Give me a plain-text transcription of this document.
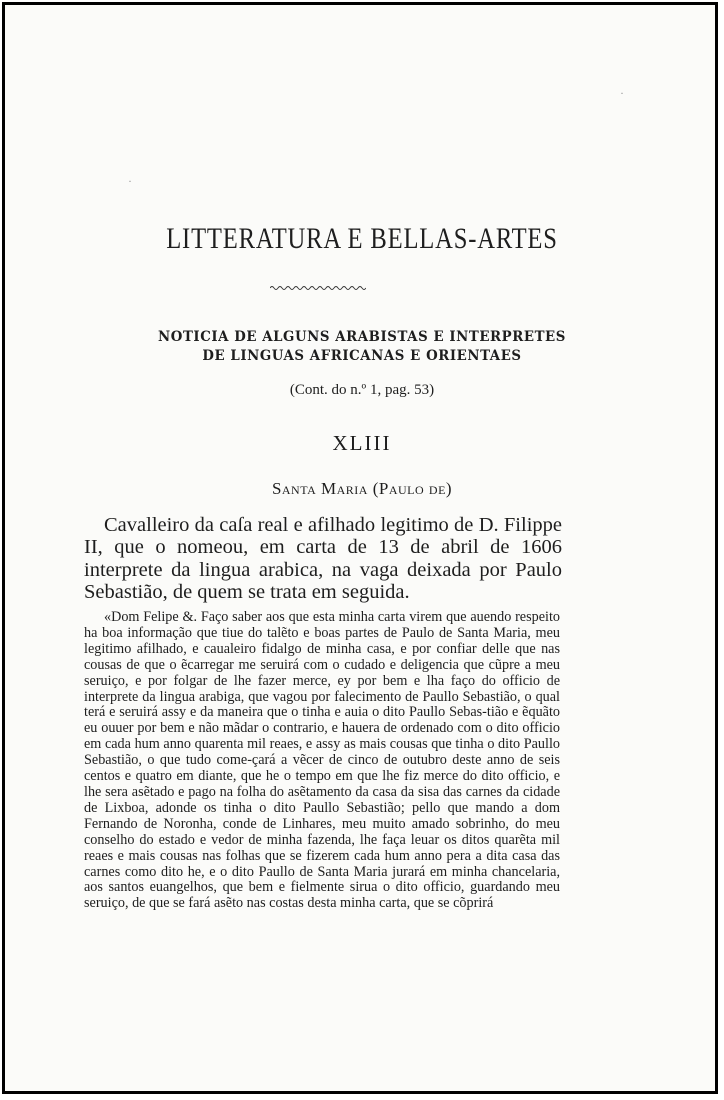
LITTERATURA E BELLAS-ARTES
NOTICIA DE ALGUNS ARABISTAS E INTERPRETES
DE LINGUAS AFRICANAS E ORIENTAES
(Cont. do n.º 1, pag. 53)
XLIII
Santa Maria (Paulo de)

Cavalleiro da caſa real e afilhado legitimo de D. Filippe II, que o nomeou, em carta de 13 de abril de 1606 interprete da lingua arabica, na vaga deixada por Paulo Sebastião, de quem se trata em seguida.

«Dom Felipe &. Faço saber aos que esta minha carta virem que auendo respeito ha boa informação que tiue do talẽto e boas partes de Paulo de Santa Maria, meu legitimo afilhado, e caualeiro fidalgo de minha casa, e por confiar delle que nas cousas de que o ẽcarregar me seruirá com o cudado e deligencia que cũpre a meu seruiço, e por folgar de lhe fazer merce, ey por bem e lha faço do officio de interprete da lingua arabiga, que vagou por falecimento de Paullo Sebastião, o qual terá e seruirá assy e da maneira que o tinha e auia o dito Paullo Sebas-tião e ẽquãto eu ouuer por bem e não mãdar o contrario, e hauera de ordenado com o dito officio em cada hum anno quarenta mil reaes, e assy as mais cousas que tinha o dito Paullo Sebastião, o que tudo come-çará a vẽcer de cinco de outubro deste anno de seis centos e quatro em diante, que he o tempo em que lhe fiz merce do dito officio, e lhe sera asẽtado e pago na folha do asẽtamento da casa da sisa das carnes da cidade de Lixboa, adonde os tinha o dito Paullo Sebastião; pello que mando a dom Fernando de Noronha, conde de Linhares, meu muito amado sobrinho, do meu conselho do estado e vedor de minha fazenda, lhe faça leuar os ditos quarẽta mil reaes e mais cousas nas folhas que se fizerem cada hum anno pera a dita casa das carnes como dito he, e o dito Paullo de Santa Maria jurará em minha chancelaria, aos santos euangelhos, que bem e fielmente sirua o dito officio, guardando meu seruiço, de que se fará asẽto nas costas desta minha carta, que se cõprirá

·
·
